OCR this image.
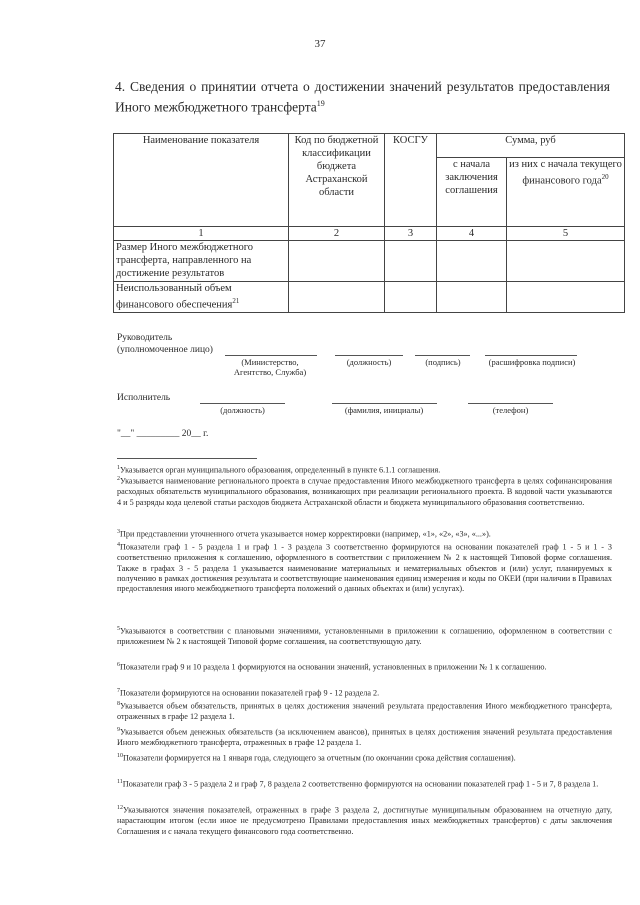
37
4. Сведения о принятии отчета о достижении значений результатов предоставления Иного межбюджетного трансферта$^{19}$
Наименование показателя	Код по бюджетной классификации бюджета Астраханской области	КОСГУ	Сумма, руб	
			с начала заключения соглашения	из них с начала текущего финансового года$^{20}$
1	2	3	4	5
Размер Иного межбюджетного трансферта, направленного на достижение результатов				
Неиспользованный объем финансового обеспечения$^{21}$				
Руководитель
(уполномоченное лицо)
(Министерство, Агентство, Служба)
(должность)	(подпись)	(расшифровка подписи)
Исполнитель
(должность)	(фамилия, инициалы)	(телефон)
"__" _________ 20__ г.
$^1$Указывается орган муниципального образования, определенный в пункте 6.1.1 соглашения.
$^2$Указывается наименование регионального проекта в случае предоставления Иного межбюджетного трансферта в целях софинансирования расходных обязательств муниципального образования, возникающих при реализации регионального проекта. В кодовой части указываются 4 и 5 разряды кода целевой статьи расходов бюджета Астраханской области и бюджета муниципального образования соответственно.
$^3$При представлении уточненного отчета указывается номер корректировки (например, «1», «2», «3», «...»).
$^4$Показатели граф 1 - 5 раздела 1 и граф 1 - 3 раздела 3 соответственно формируются на основании показателей граф 1 - 5 и 1 - 3 соответственно приложения к соглашению, оформленного в соответствии с приложением № 2 к настоящей Типовой форме соглашения. Также в графах 3 - 5 раздела 1 указывается наименование материальных и нематериальных объектов и (или) услуг, планируемых к получению в рамках достижения результата и соответствующие наименования единиц измерения и коды по ОКЕИ (при наличии в Правилах предоставления иного межбюджетного трансферта положений о данных объектах и (или) услугах).
$^5$Указываются в соответствии с плановыми значениями, установленными в приложении к соглашению, оформленном в соответствии с приложением № 2 к настоящей Типовой форме соглашения, на соответствующую дату.
$^6$Показатели граф 9 и 10 раздела 1 формируются на основании значений, установленных в приложении № 1 к соглашению.
$^7$Показатели формируются на основании показателей граф 9 - 12 раздела 2.
$^8$Указывается объем обязательств, принятых в целях достижения значений результата предоставления Иного межбюджетного трансферта, отраженных в графе 12 раздела 1.
$^9$Указывается объем денежных обязательств (за исключением авансов), принятых в целях достижения значений результата предоставления Иного межбюджетного трансферта, отраженных в графе 12 раздела 1.
$^{10}$Показатели формируется на 1 января года, следующего за отчетным (по окончании срока действия соглашения).
$^{11}$Показатели граф 3 - 5 раздела 2 и граф 7, 8 раздела 2 соответственно формируются на основании показателей граф 1 - 5 и 7, 8 раздела 1.
$^{12}$Указываются значения показателей, отраженных в графе 3 раздела 2, достигнутые муниципальным образованием на отчетную дату, нарастающим итогом (если иное не предусмотрено Правилами предоставления иных межбюджетных трансфертов) с даты заключения Соглашения и с начала текущего финансового года соответственно.
